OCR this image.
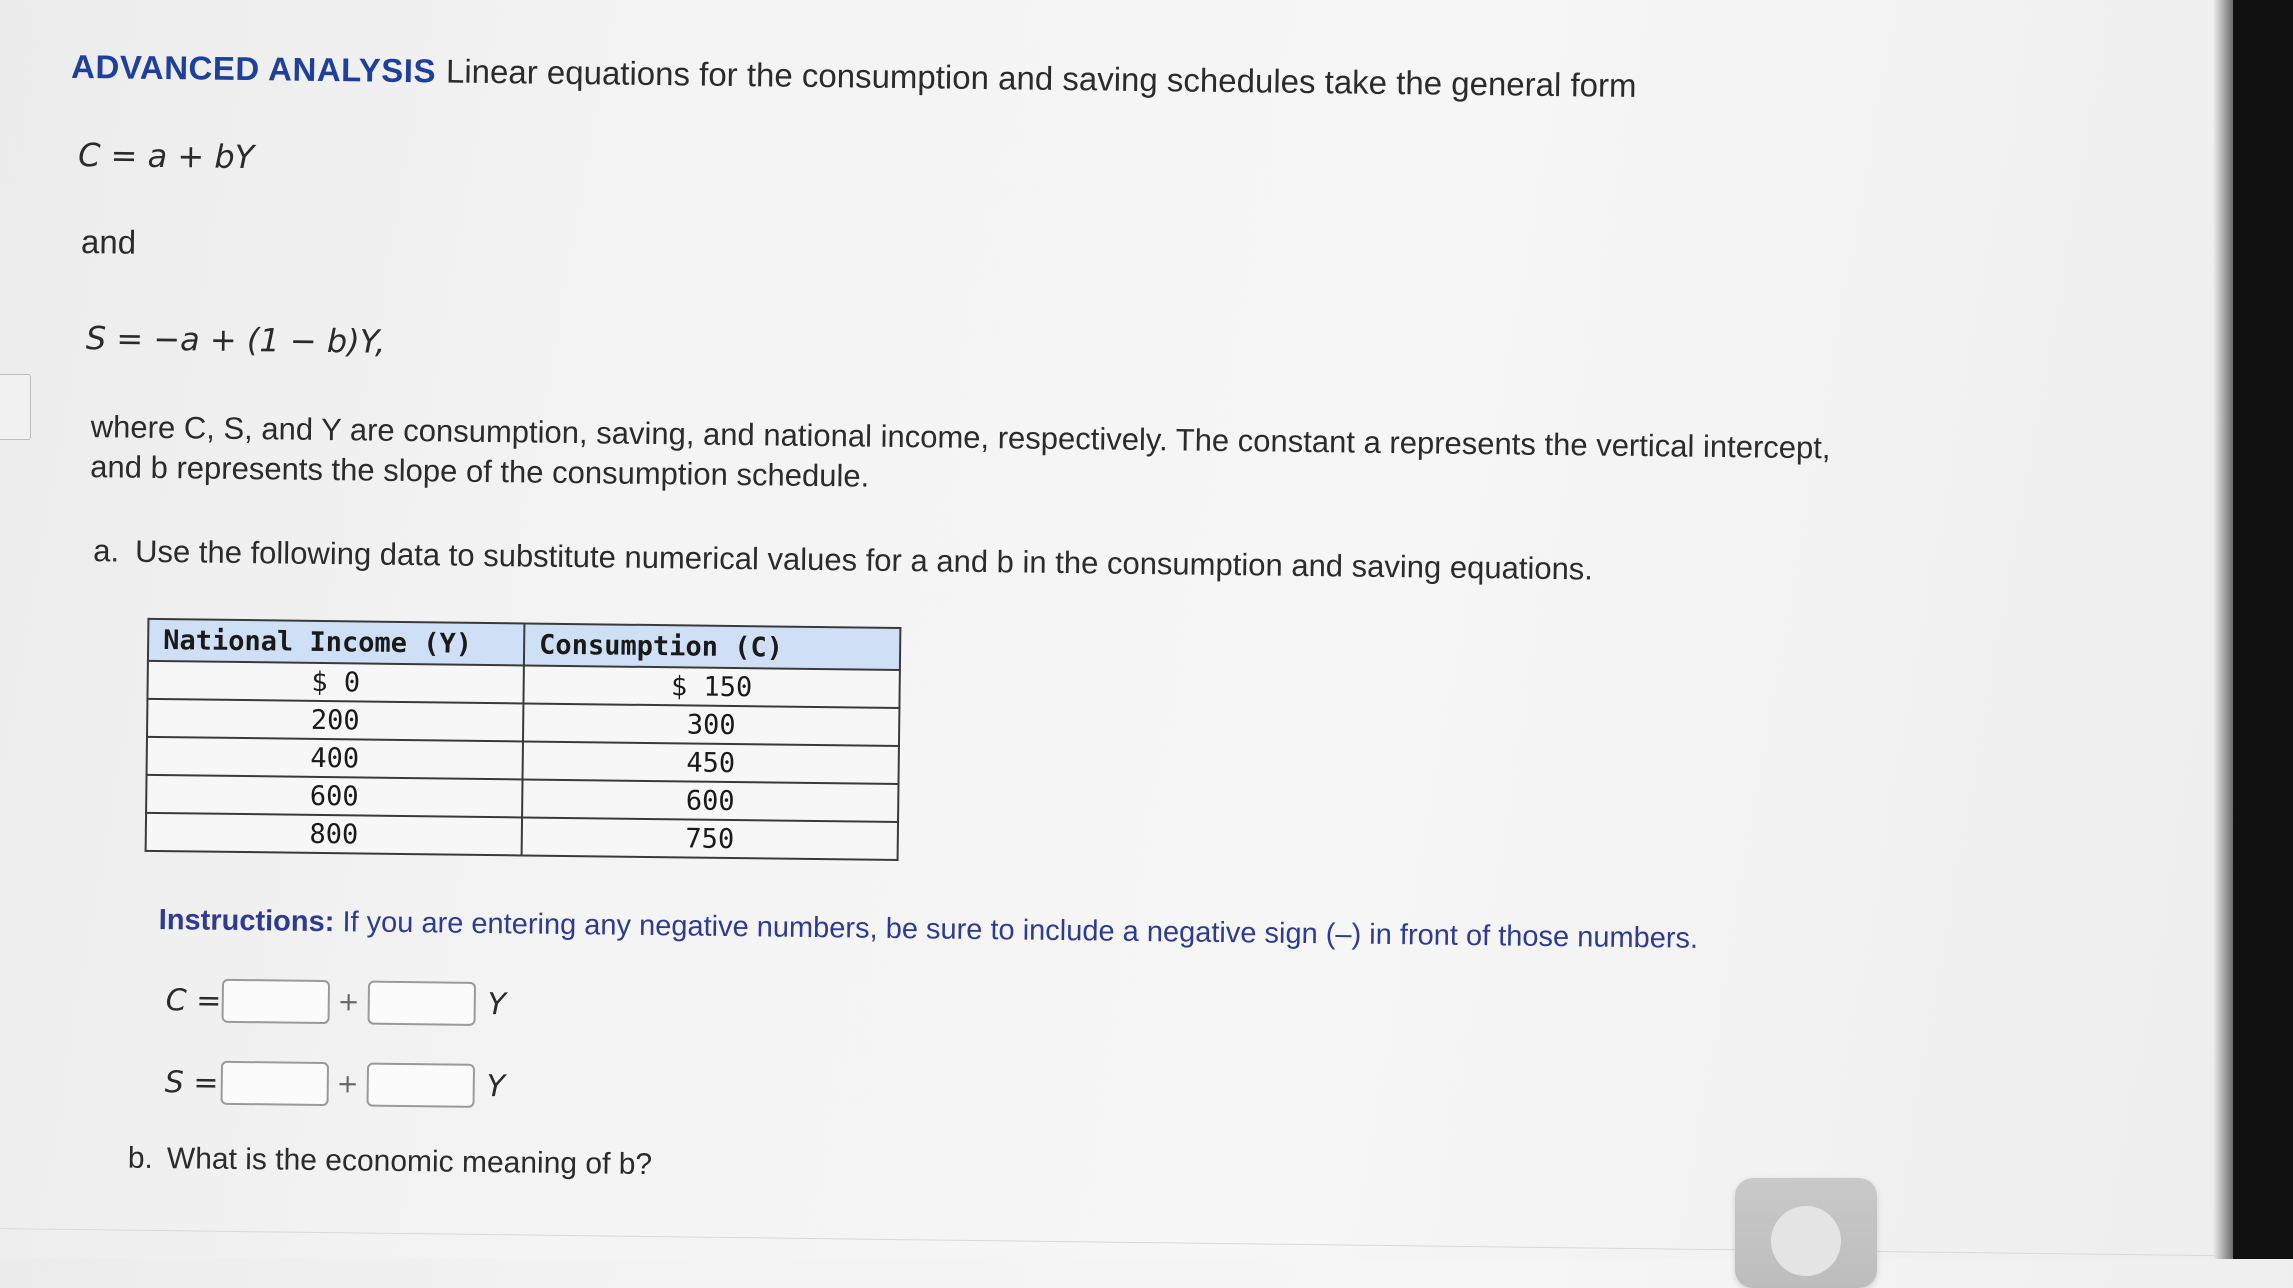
ADVANCED ANALYSIS Linear equations for the consumption and saving schedules take the general form
C = a + bY
and
S = −a + (1 − b)Y,
where C, S, and Y are consumption, saving, and national income, respectively. The constant a represents the vertical intercept, and b represents the slope of the consumption schedule.
a. Use the following data to substitute numerical values for a and b in the consumption and saving equations.
National Income (Y)	Consumption (C)
$ 0	$ 150
200	300
400	450
600	600
800	750
Instructions: If you are entering any negative numbers, be sure to include a negative sign (–) in front of those numbers.
C =	+	Y
S =	+	Y
b. What is the economic meaning of b?
